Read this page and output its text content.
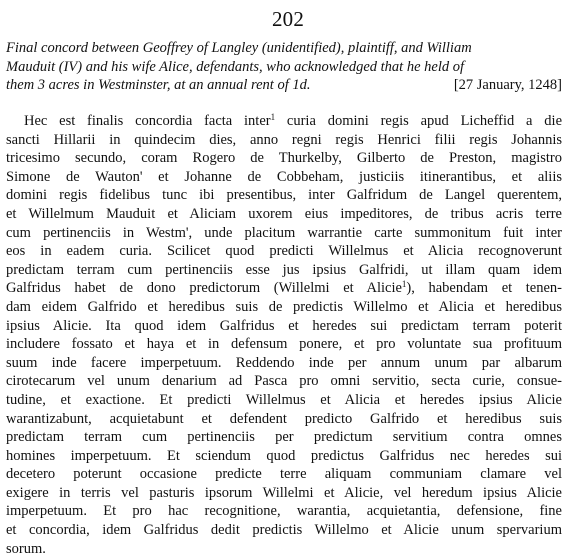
202
Final concord between Geoffrey of Langley (unidentified), plaintiff, and William
Mauduit (IV) and his wife Alice, defendants, who acknowledged that he held of
them 3 acres in Westminster, at an annual rent of 1d.	[27 January, 1248]
Hec est finalis concordia facta inter$^1$ curia domini regis apud Licheffid a die
sancti Hillarii in quindecim dies, anno regni regis Henrici filii regis Johannis
tricesimo secundo, coram Rogero de Thurkelby, Gilberto de Preston, magistro
Simone de Wauton' et Johanne de Cobbeham, justiciis itinerantibus, et aliis
domini regis fidelibus tunc ibi presentibus, inter Galfridum de Langel querentem,
et Willelmum Mauduit et Aliciam uxorem eius impeditores, de tribus acris terre
cum pertinenciis in Westm', unde placitum warrantie carte summonitum fuit inter
eos in eadem curia. Scilicet quod predicti Willelmus et Alicia recognoverunt
predictam terram cum pertinenciis esse jus ipsius Galfridi, ut illam quam idem
Galfridus habet de dono predictorum (Willelmi et Alicie$^1$), habendam et tenen-
dam eidem Galfrido et heredibus suis de predictis Willelmo et Alicia et heredibus
ipsius Alicie. Ita quod idem Galfridus et heredes sui predictam terram poterit
includere fossato et haya et in defensum ponere, et pro voluntate sua profituum
suum inde facere imperpetuum. Reddendo inde per annum unum par albarum
cirotecarum vel unum denarium ad Pasca pro omni servitio, secta curie, consue-
tudine, et exactione. Et predicti Willelmus et Alicia et heredes ipsius Alicie
warantizabunt, acquietabunt et defendent predicto Galfrido et heredibus suis
predictam terram cum pertinenciis per predictum servitium contra omnes
homines imperpetuum. Et sciendum quod predictus Galfridus nec heredes sui
decetero poterunt occasione predicte terre aliquam communiam clamare vel
exigere in terris vel pasturis ipsorum Willelmi et Alicie, vel heredum ipsius Alicie
imperpetuum. Et pro hac recognitione, warantia, acquietantia, defensione, fine
et concordia, idem Galfridus dedit predictis Willelmo et Alicie unum spervarium
sorum.
